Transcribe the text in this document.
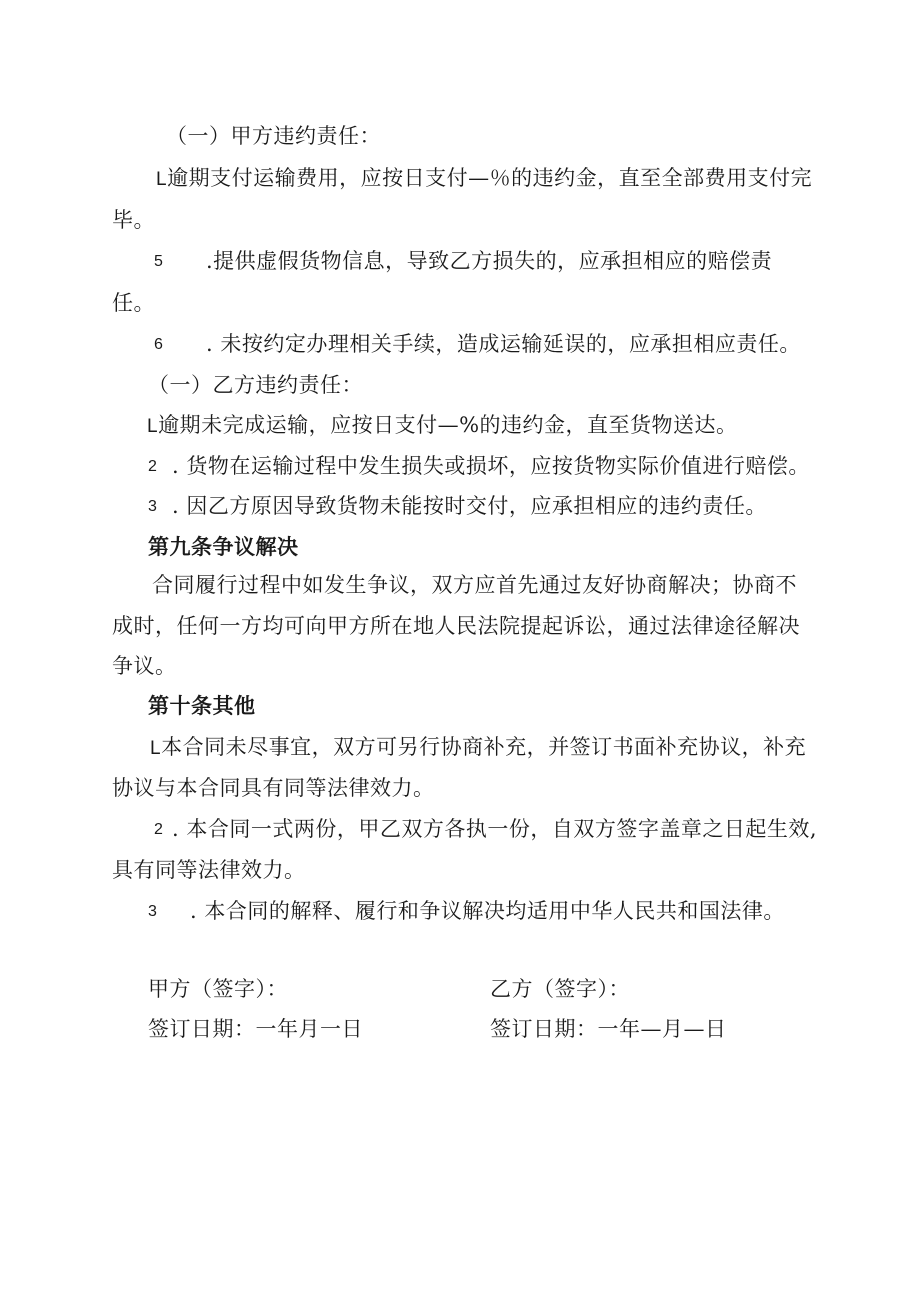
（一）甲方违约责任：
L逾期支付运输费用，应按日支付—％的违约金，直至全部费用支付完
毕。
5 .提供虚假货物信息，导致乙方损失的，应承担相应的赔偿责
任。
6 . 未按约定办理相关手续，造成运输延误的，应承担相应责任。
（一）乙方违约责任：
L逾期未完成运输，应按日支付—%的违约金，直至货物送达。
2 . 货物在运输过程中发生损失或损坏，应按货物实际价值进行赔偿。
3 . 因乙方原因导致货物未能按时交付，应承担相应的违约责任。
第九条争议解决
合同履行过程中如发生争议，双方应首先通过友好协商解决；协商不
成时，任何一方均可向甲方所在地人民法院提起诉讼，通过法律途径解决
争议。
第十条其他
L本合同未尽事宜，双方可另行协商补充，并签订书面补充协议，补充
协议与本合同具有同等法律效力。
2 . 本合同一式两份，甲乙双方各执一份，自双方签字盖章之日起生效,
具有同等法律效力。
3 . 本合同的解释、履行和争议解决均适用中华人民共和国法律。
甲方（签字）：	乙方（签字）：
签订日期：一年月一日	签订日期：一年—月—日
